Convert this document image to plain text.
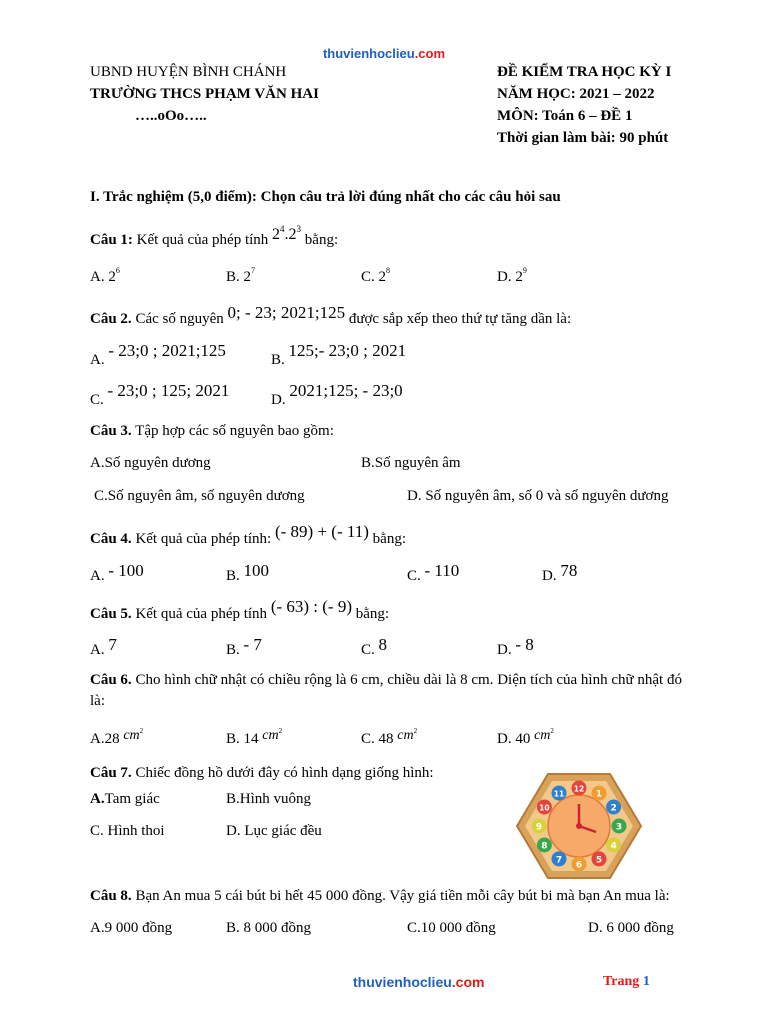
thuvienhoclieu.com
UBND HUYỆN BÌNH CHÁNH
TRƯỜNG THCS PHẠM VĂN HAI
…..oOo…..
ĐỀ KIỂM TRA HỌC KỲ I
NĂM HỌC: 2021 – 2022
MÔN: Toán 6 – ĐỀ 1
Thời gian làm bài: 90 phút
I. Trắc nghiệm (5,0 điểm): Chọn câu trả lời đúng nhất cho các câu hỏi sau
Câu 1: Kết quả của phép tính $2^4.2^3$ bằng:
A. $2^6$	B. $2^7$	C. $2^8$	D. $2^9$
Câu 2. Các số nguyên 0; - 23; 2021;125 được sắp xếp theo thứ tự tăng dần là:
A. - 23;0 ; 2021;125	B. 125;- 23;0 ; 2021
C. - 23;0 ; 125; 2021	D. 2021;125; - 23;0
Câu 3. Tập hợp các số nguyên bao gồm:
A.Số nguyên dương	B.Số nguyên âm
C.Số nguyên âm, số nguyên dương	D. Số nguyên âm, số 0 và số nguyên dương
Câu 4. Kết quả của phép tính: (- 89) + (- 11) bằng:
A. - 100	B. 100	C. - 110	D. 78
Câu 5. Kết quả của phép tính (- 63) : (- 9) bằng:
A. 7	B. - 7	C. 8	D. - 8
Câu 6. Cho hình chữ nhật có chiều rộng là 6 cm, chiều dài là 8 cm. Diện tích của hình chữ nhật đó
là:
A.28 $cm^2$	B. 14 $cm^2$	C. 48 $cm^2$	D. 40 $cm^2$
Câu 7. Chiếc đồng hồ dưới đây có hình dạng giống hình:
A.Tam giác	B.Hình vuông
C. Hình thoi	D. Lục giác đều
12
1
2
3
4
5
6
7
8
9
10
11
Câu 8. Bạn An mua 5 cái bút bi hết 45 000 đồng. Vậy giá tiền mỗi cây bút bi mà bạn An mua là:
A.9 000 đồng	B. 8 000 đồng	C.10 000 đồng	D. 6 000 đồng
thuvienhoclieu.com	Trang 1
